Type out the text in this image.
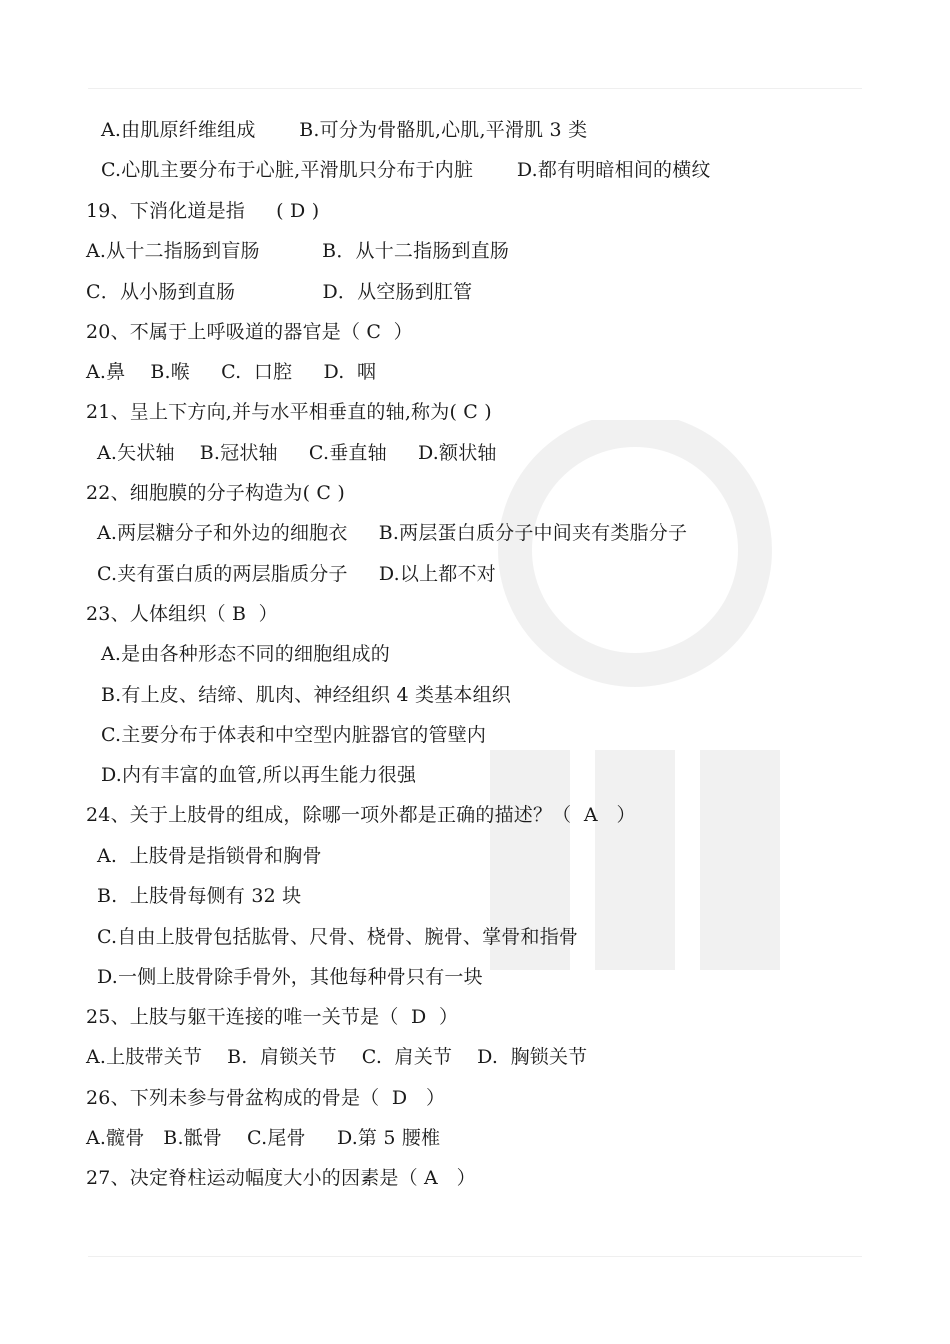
A.由肌原纤维组成       B.可分为骨骼肌,心肌,平滑肌 3 类
C.心肌主要分布于心脏,平滑肌只分布于内脏       D.都有明暗相间的横纹
19、下消化道是指     ( D )
A.从十二指肠到盲肠          B．从十二指肠到直肠
C．从小肠到直肠              D．从空肠到肛管
20、不属于上呼吸道的器官是（ C  ）
A.鼻    B.喉     C.  口腔     D.  咽
21、呈上下方向,并与水平相垂直的轴,称为( C )
A.矢状轴    B.冠状轴     C.垂直轴     D.额状轴
22、细胞膜的分子构造为( C )
A.两层糖分子和外边的细胞衣     B.两层蛋白质分子中间夹有类脂分子
C.夹有蛋白质的两层脂质分子     D.以上都不对
23、人体组织（ B  ）
A.是由各种形态不同的细胞组成的
B.有上皮、结缔、肌肉、神经组织 4 类基本组织
C.主要分布于体表和中空型内脏器官的管壁内
D.内有丰富的血管,所以再生能力很强
24、关于上肢骨的组成，除哪一项外都是正确的描述？（  A   ）
A.  上肢骨是指锁骨和胸骨
B.  上肢骨每侧有 32 块
C.自由上肢骨包括肱骨、尺骨、桡骨、腕骨、掌骨和指骨
D.一侧上肢骨除手骨外，其他每种骨只有一块
25、上肢与躯干连接的唯一关节是（  D  ）
A.上肢带关节    B.  肩锁关节    C.  肩关节    D.  胸锁关节
26、下列未参与骨盆构成的骨是（  D   ）
A.髋骨   B.骶骨    C.尾骨     D.第 5 腰椎
27、决定脊柱运动幅度大小的因素是（ A   ）
